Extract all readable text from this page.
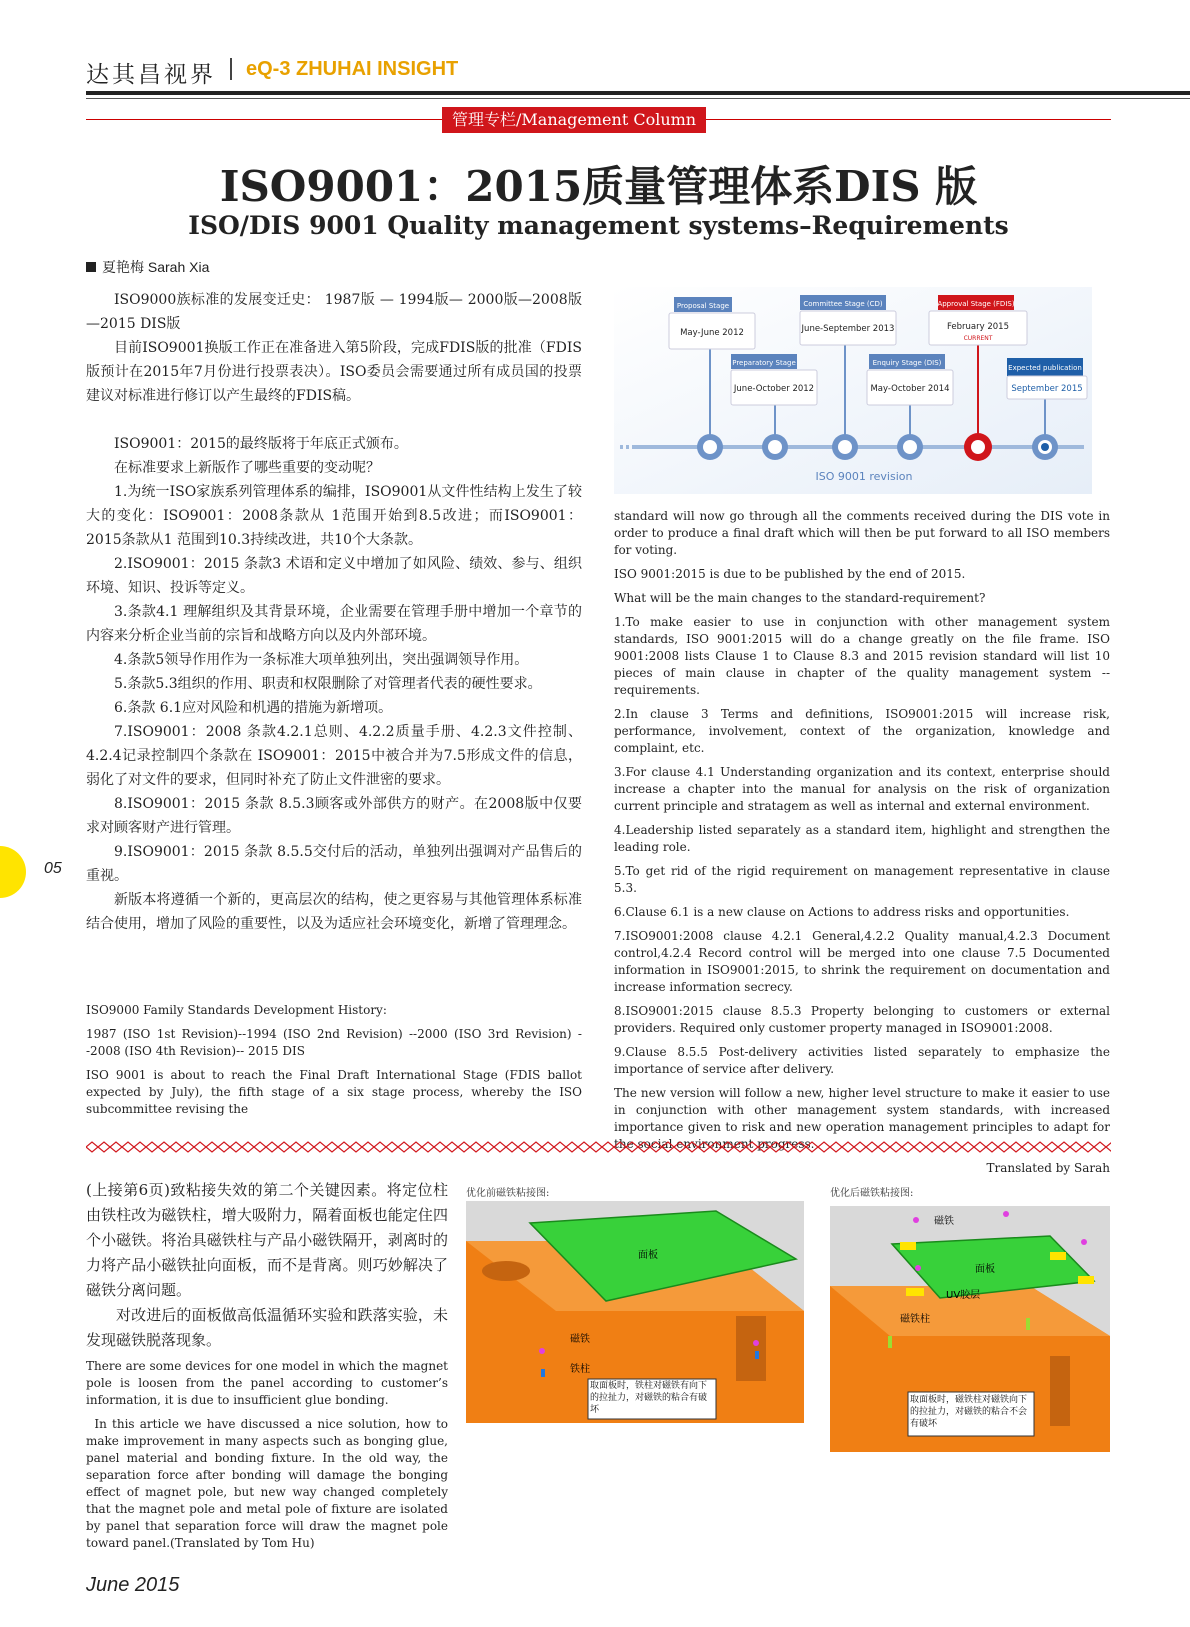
达其昌视界 eQ-3 ZHUHAI INSIGHT
管理专栏/Management Column
ISO9001：2015质量管理体系DIS 版
ISO/DIS 9001 Quality management systems–Requirements
夏艳梅 Sarah Xia

ISO9000族标准的发展变迁史： 1987版 — 1994版— 2000版—2008版—2015 DIS版

目前ISO9001换版工作正在准备进入第5阶段，完成FDIS版的批准（FDIS版预计在2015年7月份进行投票表决）。ISO委员会需要通过所有成员国的投票建议对标准进行修订以产生最终的FDIS稿。

ISO9001：2015的最终版将于年底正式颁布。

在标准要求上新版作了哪些重要的变动呢？

1.为统一ISO家族系列管理体系的编排，ISO9001从文件性结构上发生了较大的变化：ISO9001：2008条款从 1范围开始到8.5改进；而ISO9001：2015条款从1 范围到10.3持续改进，共10个大条款。

2.ISO9001：2015 条款3 术语和定义中增加了如风险、绩效、参与、组织环境、知识、投诉等定义。

3.条款4.1 理解组织及其背景环境，企业需要在管理手册中增加一个章节的内容来分析企业当前的宗旨和战略方向以及内外部环境。

4.条款5领导作用作为一条标准大项单独列出，突出强调领导作用。

5.条款5.3组织的作用、职责和权限删除了对管理者代表的硬性要求。

6.条款 6.1应对风险和机遇的措施为新增项。

7.ISO9001：2008 条款4.2.1总则、4.2.2质量手册、4.2.3文件控制、4.2.4记录控制四个条款在 ISO9001：2015中被合并为7.5形成文件的信息，弱化了对文件的要求，但同时补充了防止文件泄密的要求。

8.ISO9001：2015 条款 8.5.3顾客或外部供方的财产。在2008版中仅要求对顾客财产进行管理。

9.ISO9001：2015 条款 8.5.5交付后的活动，单独列出强调对产品售后的重视。

新版本将遵循一个新的，更高层次的结构，使之更容易与其他管理体系标准结合使用，增加了风险的重要性，以及为适应社会环境变化，新增了管理理念。

ISO9000 Family Standards Development History:

1987 (ISO 1st Revision)--1994 (ISO 2nd Revision) --2000 (ISO 3rd Revision) --2008 (ISO 4th Revision)-- 2015 DIS

ISO 9001 is about to reach the Final Draft International Stage (FDIS ballot expected by July), the fifth stage of a six stage process, whereby the ISO subcommittee revising the

Proposal Stage
May-June 2012
Preparatory Stage
June-October 2012
Committee Stage (CD)
June-September 2013
Enquiry Stage (DIS)
May-October 2014
Approval Stage (FDIS)
February 2015
CURRENT
Expected publication
September 2015
ISO 9001 revision

standard will now go through all the comments received during the DIS vote in order to produce a final draft which will then be put forward to all ISO members for voting.

ISO 9001:2015 is due to be published by the end of 2015.

What will be the main changes to the standard-requirement?

1.To make easier to use in conjunction with other management system standards, ISO 9001:2015 will do a change greatly on the file frame. ISO 9001:2008 lists Clause 1 to Clause 8.3 and 2015 revision standard will list 10 pieces of main clause in chapter of the quality management system --requirements.

2.In clause 3 Terms and definitions, ISO9001:2015 will increase risk, performance, involvement, context of the organization, knowledge and complaint, etc.

3.For clause 4.1 Understanding organization and its context, enterprise should increase a chapter into the manual for analysis on the risk of organization current principle and stratagem as well as internal and external environment.

4.Leadership listed separately as a standard item, highlight and strengthen the leading role.

5.To get rid of the rigid requirement on management representative in clause 5.3.

6.Clause 6.1 is a new clause on Actions to address risks and opportunities.

7.ISO9001:2008 clause 4.2.1 General,4.2.2 Quality manual,4.2.3 Document control,4.2.4 Record control will be merged into one clause 7.5 Documented information in ISO9001:2015, to shrink the requirement on documentation and increase information secrecy.

8.ISO9001:2015 clause 8.5.3 Property belonging to customers or external providers. Required only customer property managed in ISO9001:2008.

9.Clause 8.5.5 Post-delivery activities listed separately to emphasize the importance of service after delivery.

The new version will follow a new, higher level structure to make it easier to use in conjunction with other management system standards, with increased importance given to risk and new operation management principles to adapt for

Translated by Sarah

05

(上接第6页)致粘接失效的第二个关键因素。将定位柱由铁柱改为磁铁柱，增大吸附力，隔着面板也能定住四个小磁铁。将治具磁铁柱与产品小磁铁隔开，剥离时的力将产品小磁铁扯向面板，而不是背离。则巧妙解决了磁铁分离问题。

对改进后的面板做高低温循环实验和跌落实验，未发现磁铁脱落现象。

There are some devices for one model in which the magnet pole is loosen from the panel according to customer’s information, it is due to insufficient glue bonding.

In this article we have discussed a nice solution, how to make improvement in many aspects such as bonging glue, panel material and bonding fixture. In the old way, the separation force after bonding will damage the bonging effect of magnet pole, but new way changed completely that the magnet pole and metal pole of fixture are isolated by panel that separation force will draw the magnet pole toward panel.(Translated by Tom Hu)

优化前磁铁粘接图:
面板
磁铁
铁柱
取面板时，铁柱对磁铁有向下的拉扯力，对磁铁的粘合有破坏
优化后磁铁粘接图:
面板
磁铁
UV胶层
磁铁柱
取面板时，磁铁柱对磁铁向下的拉扯力，对磁铁的粘合不会有破坏
June 2015
